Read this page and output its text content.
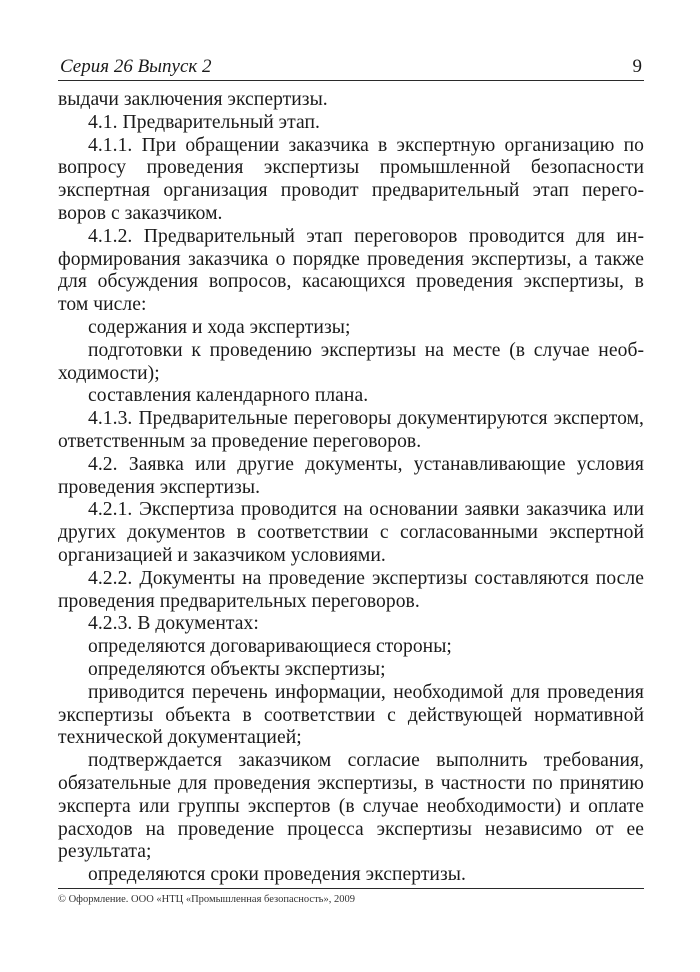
Серия 26 Выпуск 2	9

выдачи заключения экспертизы.

4.1. Предварительный этап.

4.1.1. При обращении заказчика в экспертную организацию по вопросу проведения экспертизы промышленной безопасности экспертная организация проводит предварительный этап переговоров с заказчиком.

4.1.2. Предварительный этап переговоров проводится для информирования заказчика о порядке проведения экспертизы, а также для обсуждения вопросов, касающихся проведения экспертизы, в том числе:

содержания и хода экспертизы;

подготовки к проведению экспертизы на месте (в случае необходимости);

составления календарного плана.

4.1.3. Предварительные переговоры документируются экспертом, ответственным за проведение переговоров.

4.2. Заявка или другие документы, устанавливающие условия проведения экспертизы.

4.2.1. Экспертиза проводится на основании заявки заказчика или других документов в соответствии с согласованными экспертной организацией и заказчиком условиями.

4.2.2. Документы на проведение экспертизы составляются после проведения предварительных переговоров.

4.2.3. В документах:

определяются договаривающиеся стороны;

определяются объекты экспертизы;

приводится перечень информации, необходимой для проведения экспертизы объекта в соответствии с действующей нормативной технической документацией;

подтверждается заказчиком согласие выполнить требования, обязательные для проведения экспертизы, в частности по принятию эксперта или группы экспертов (в случае необходимости) и оплате расходов на проведение процесса экспертизы независимо от ее результата;

определяются сроки проведения экспертизы.

© Оформление. ООО «НТЦ «Промышленная безопасность», 2009
